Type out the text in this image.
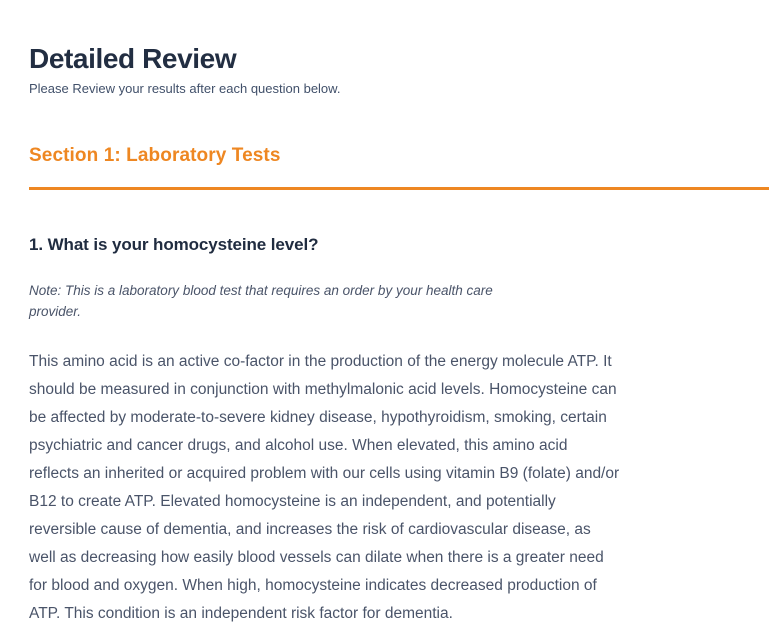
Detailed Review

Please Review your results after each question below.

Section 1: Laboratory Tests
1. What is your homocysteine level?

Note: This is a laboratory blood test that requires an order by your health care provider.

This amino acid is an active co-factor in the production of the energy molecule ATP. It should be measured in conjunction with methylmalonic acid levels. Homocysteine can be affected by moderate-to-severe kidney disease, hypothyroidism, smoking, certain psychiatric and cancer drugs, and alcohol use. When elevated, this amino acid reflects an inherited or acquired problem with our cells using vitamin B9 (folate) and/or B12 to create ATP. Elevated homocysteine is an independent, and potentially reversible cause of dementia, and increases the risk of cardiovascular disease, as well as decreasing how easily blood vessels can dilate when there is a greater need for blood and oxygen. When high, homocysteine indicates decreased production of ATP. This condition is an independent risk factor for dementia.
